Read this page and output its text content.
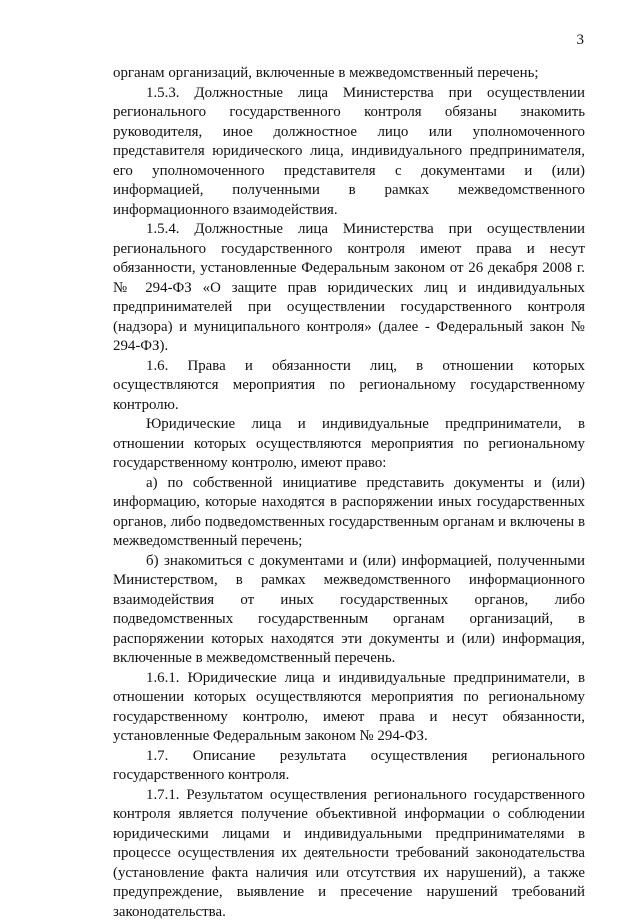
3

органам организаций, включенные в межведомственный перечень;

1.5.3. Должностные лица Министерства при осуществлении регионального государственного контроля обязаны знакомить руководителя, иное должностное лицо или уполномоченного представителя юридического лица, индивидуального предпринимателя, его уполномоченного представителя с документами и (или) информацией, полученными в рамках межведомственного информационного взаимодействия.

1.5.4. Должностные лица Министерства при осуществлении регионального государственного контроля имеют права и несут обязанности, установленные Федеральным законом от 26 декабря 2008 г. № 294-ФЗ «О защите прав юридических лиц и индивидуальных предпринимателей при осуществлении государственного контроля (надзора) и муниципального контроля» (далее - Федеральный закон № 294-ФЗ).

1.6. Права и обязанности лиц, в отношении которых осуществляются мероприятия по региональному государственному контролю.

Юридические лица и индивидуальные предприниматели, в отношении которых осуществляются мероприятия по региональному государственному контролю, имеют право:

а) по собственной инициативе представить документы и (или) информацию, которые находятся в распоряжении иных государственных органов, либо подведомственных государственным органам и включены в межведомственный перечень;

б) знакомиться с документами и (или) информацией, полученными Министерством, в рамках межведомственного информационного взаимодействия от иных государственных органов, либо подведомственных государственным органам организаций, в распоряжении которых находятся эти документы и (или) информация, включенные в межведомственный перечень.

1.6.1. Юридические лица и индивидуальные предприниматели, в отношении которых осуществляются мероприятия по региональному государственному контролю, имеют права и несут обязанности, установленные Федеральным законом № 294-ФЗ.

1.7. Описание результата осуществления регионального государственного контроля.

1.7.1. Результатом осуществления регионального государственного контроля является получение объективной информации о соблюдении юридическими лицами и индивидуальными предпринимателями в процессе осуществления их деятельности требований законодательства (установление факта наличия или отсутствия их нарушений), а также предупреждение, выявление и пресечение нарушений требований законодательства.
